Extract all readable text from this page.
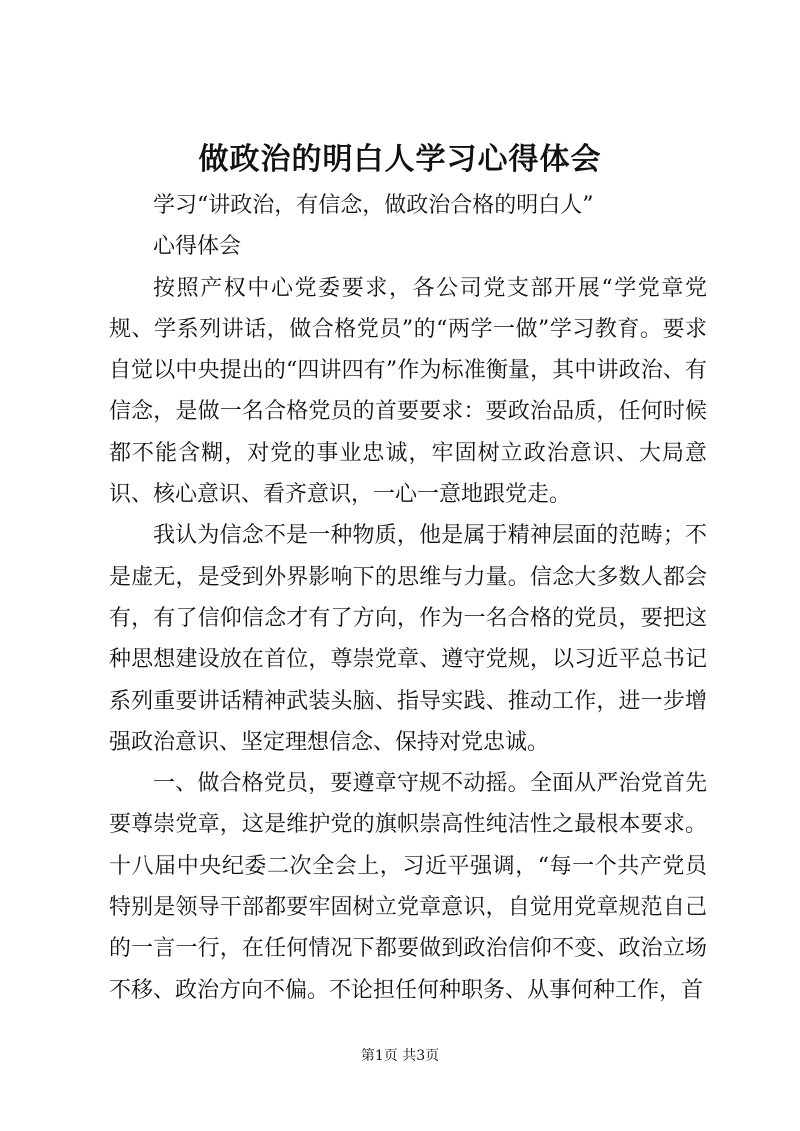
做政治的明白人学习心得体会

学习“讲政治，有信念，做政治合格的明白人”

心得体会

按照产权中心党委要求，各公司党支部开展“学党章党规、学系列讲话，做合格党员”的“两学一做”学习教育。要求自觉以中央提出的“四讲四有”作为标准衡量，其中讲政治、有信念，是做一名合格党员的首要要求：要政治品质，任何时候都不能含糊，对党的事业忠诚，牢固树立政治意识、大局意识、核心意识、看齐意识，一心一意地跟党走。

我认为信念不是一种物质，他是属于精神层面的范畴；不是虚无，是受到外界影响下的思维与力量。信念大多数人都会有，有了信仰信念才有了方向，作为一名合格的党员，要把这种思想建设放在首位，尊崇党章、遵守党规，以习近平总书记系列重要讲话精神武装头脑、指导实践、推动工作，进一步增强政治意识、坚定理想信念、保持对党忠诚。

一、做合格党员，要遵章守规不动摇。全面从严治党首先要尊崇党章，这是维护党的旗帜崇高性纯洁性之最根本要求。十八届中央纪委二次全会上，习近平强调，“每一个共产党员特别是领导干部都要牢固树立党章意识，自觉用党章规范自己的一言一行，在任何情况下都要做到政治信仰不变、政治立场不移、政治方向不偏。不论担任何种职务、从事何种工作，首

第1页 共3页
